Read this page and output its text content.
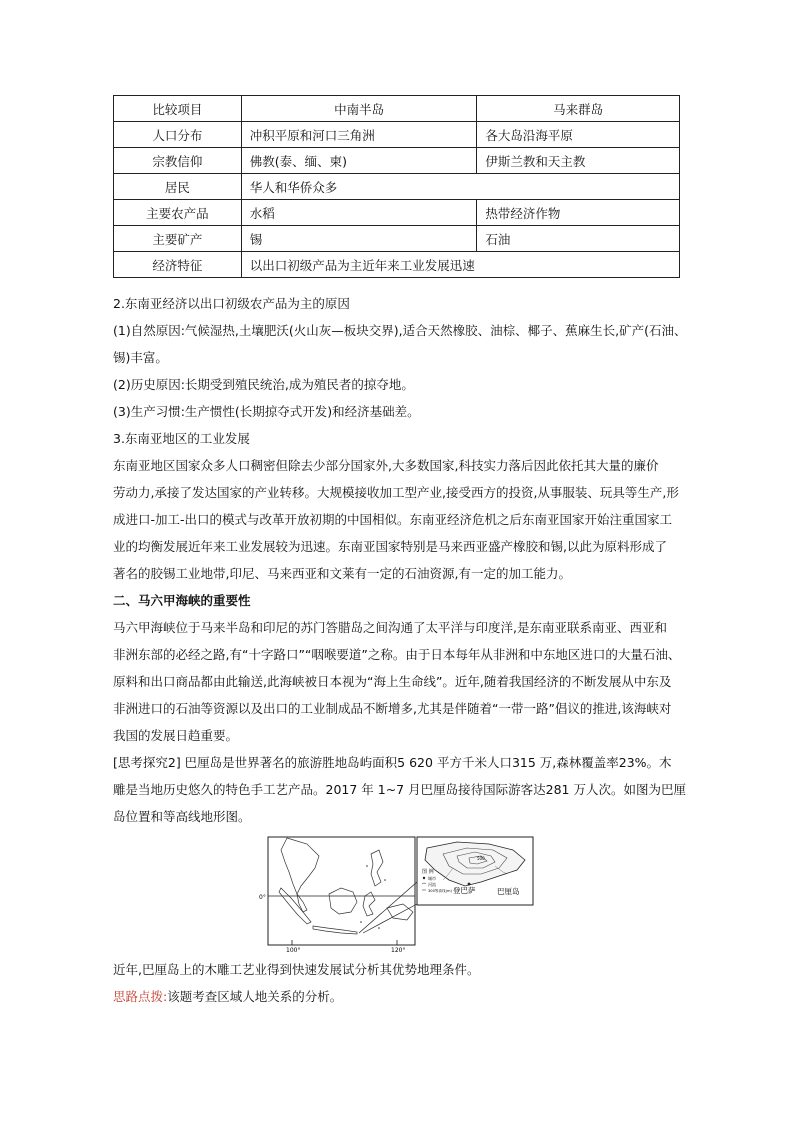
比较项目	中南半岛	马来群岛
人口分布	冲积平原和河口三角洲	各大岛沿海平原
宗教信仰	佛教(泰、缅、柬)	伊斯兰教和天主教
居民	华人和华侨众多	
主要农产品	水稻	热带经济作物
主要矿产	锡	石油
经济特征	以出口初级产品为主近年来工业发展迅速	
2.东南亚经济以出口初级农产品为主的原因
(1)自然原因:气候湿热,土壤肥沃(火山灰—板块交界),适合天然橡胶、油棕、椰子、蕉麻生长,矿产(石油、
锡)丰富。
(2)历史原因:长期受到殖民统治,成为殖民者的掠夺地。
(3)生产习惯:生产惯性(长期掠夺式开发)和经济基础差。
3.东南亚地区的工业发展
东南亚地区国家众多人口稠密但除去少部分国家外,大多数国家,科技实力落后因此依托其大量的廉价
劳动力,承接了发达国家的产业转移。大规模接收加工型产业,接受西方的投资,从事服装、玩具等生产,形
成进口-加工-出口的模式与改革开放初期的中国相似。东南亚经济危机之后东南亚国家开始注重国家工
业的均衡发展近年来工业发展较为迅速。东南亚国家特别是马来西亚盛产橡胶和锡,以此为原料形成了
著名的胶锡工业地带,印尼、马来西亚和文莱有一定的石油资源,有一定的加工能力。
二、马六甲海峡的重要性
马六甲海峡位于马来半岛和印尼的苏门答腊岛之间沟通了太平洋与印度洋,是东南亚联系南亚、西亚和
非洲东部的必经之路,有“十字路口”“咽喉要道”之称。由于日本每年从非洲和中东地区进口的大量石油、
原料和出口商品都由此输送,此海峡被日本视为“海上生命线”。近年,随着我国经济的不断发展从中东及
非洲进口的石油等资源以及出口的工业制成品不断增多,尤其是伴随着“一带一路”倡议的推进,该海峡对
我国的发展日趋重要。
[思考探究2] 巴厘岛是世界著名的旅游胜地岛屿面积5 620 平方千米人口315 万,森林覆盖率23%。木
雕是当地历史悠久的特色手工艺产品。2017 年 1~7 月巴厘岛接待国际游客达281 万人次。如图为巴厘
岛位置和等高线地形图。
0°
100°	120°
500
图 例
城市
河流
300等高线(m) 登巴萨	巴厘岛
近年,巴厘岛上的木雕工艺业得到快速发展试分析其优势地理条件。
思路点拨:该题考查区域人地关系的分析。
